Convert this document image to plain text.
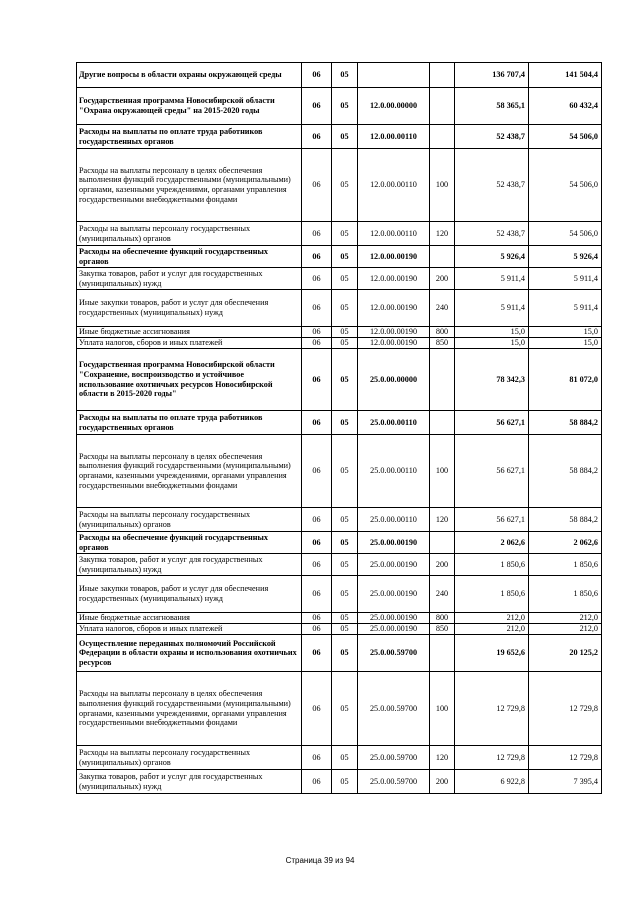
Другие вопросы в области охраны окружающей среды	06	05			136 707,4	141 504,4
Государственная программа Новосибирской области "Охрана окружающей среды" на 2015-2020 годы	06	05	12.0.00.00000		58 365,1	60 432,4
Расходы на выплаты по оплате труда работников государственных органов	06	05	12.0.00.00110		52 438,7	54 506,0
Расходы на выплаты персоналу в целях обеспечения выполнения функций государственными (муниципальными) органами, казенными учреждениями, органами управления государственными внебюджетными фондами	06	05	12.0.00.00110	100	52 438,7	54 506,0
Расходы на выплаты персоналу государственных (муниципальных) органов	06	05	12.0.00.00110	120	52 438,7	54 506,0
Расходы на обеспечение функций государственных органов	06	05	12.0.00.00190		5 926,4	5 926,4
Закупка товаров, работ и услуг для государственных (муниципальных) нужд	06	05	12.0.00.00190	200	5 911,4	5 911,4
Иные закупки товаров, работ и услуг для обеспечения государственных (муниципальных) нужд	06	05	12.0.00.00190	240	5 911,4	5 911,4
Иные бюджетные ассигнования	06	05	12.0.00.00190	800	15,0	15,0
Уплата налогов, сборов и иных платежей	06	05	12.0.00.00190	850	15,0	15,0
Государственная программа Новосибирской области "Сохранение, воспроизводство и устойчивое использование охотничьих ресурсов Новосибирской области в 2015-2020 годы"	06	05	25.0.00.00000		78 342,3	81 072,0
Расходы на выплаты по оплате труда работников государственных органов	06	05	25.0.00.00110		56 627,1	58 884,2
Расходы на выплаты персоналу в целях обеспечения выполнения функций государственными (муниципальными) органами, казенными учреждениями, органами управления государственными внебюджетными фондами	06	05	25.0.00.00110	100	56 627,1	58 884,2
Расходы на выплаты персоналу государственных (муниципальных) органов	06	05	25.0.00.00110	120	56 627,1	58 884,2
Расходы на обеспечение функций государственных органов	06	05	25.0.00.00190		2 062,6	2 062,6
Закупка товаров, работ и услуг для государственных (муниципальных) нужд	06	05	25.0.00.00190	200	1 850,6	1 850,6
Иные закупки товаров, работ и услуг для обеспечения государственных (муниципальных) нужд	06	05	25.0.00.00190	240	1 850,6	1 850,6
Иные бюджетные ассигнования	06	05	25.0.00.00190	800	212,0	212,0
Уплата налогов, сборов и иных платежей	06	05	25.0.00.00190	850	212,0	212,0
Осуществление переданных полномочий Российской Федерации в области охраны и использования охотничьих ресурсов	06	05	25.0.00.59700		19 652,6	20 125,2
Расходы на выплаты персоналу в целях обеспечения выполнения функций государственными (муниципальными) органами, казенными учреждениями, органами управления государственными внебюджетными фондами	06	05	25.0.00.59700	100	12 729,8	12 729,8
Расходы на выплаты персоналу государственных (муниципальных) органов	06	05	25.0.00.59700	120	12 729,8	12 729,8
Закупка товаров, работ и услуг для государственных (муниципальных) нужд	06	05	25.0.00.59700	200	6 922,8	7 395,4
Страница 39 из 94
